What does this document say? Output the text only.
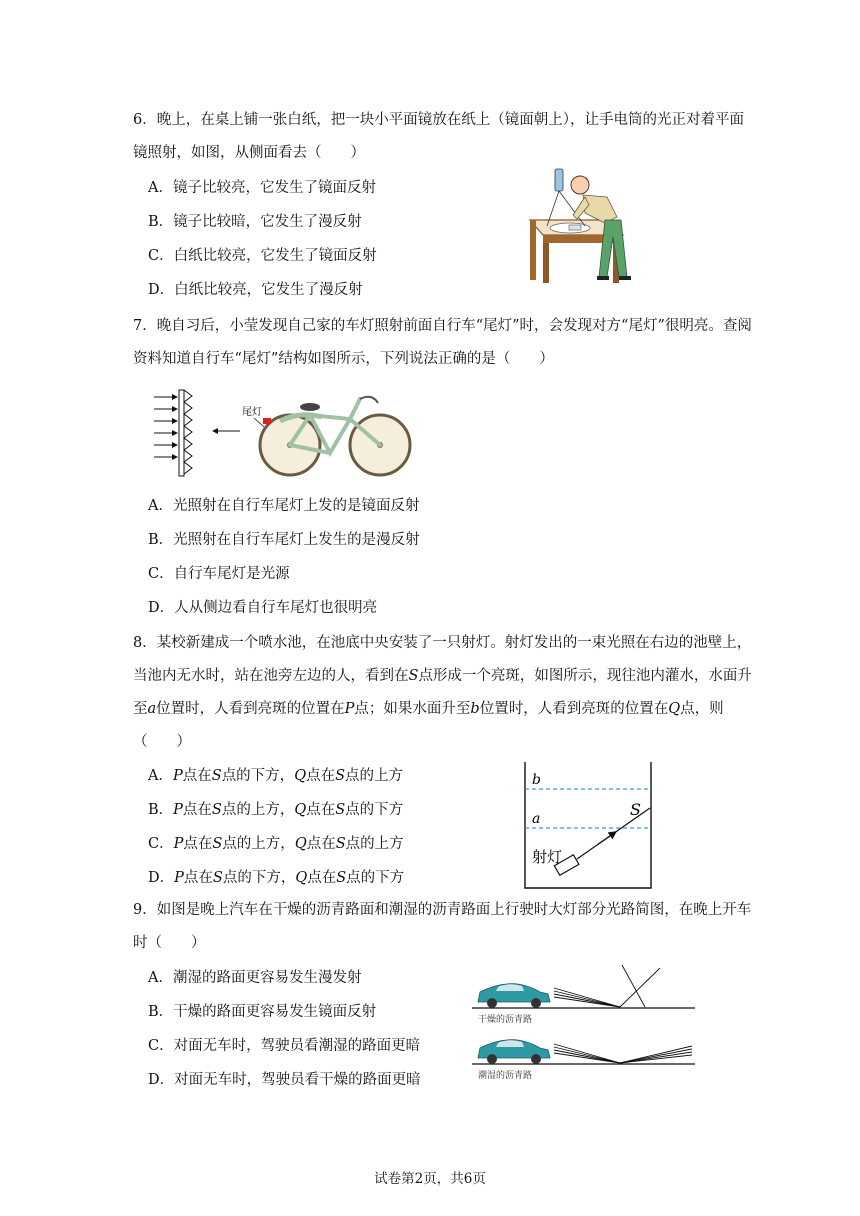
6．晚上，在桌上铺一张白纸，把一块小平面镜放在纸上（镜面朝上），让手电筒的光正对着平面镜照射，如图，从侧面看去（　　）
A．镜子比较亮，它发生了镜面反射
B．镜子比较暗，它发生了漫反射
C．白纸比较亮，它发生了镜面反射
D．白纸比较亮，它发生了漫反射
7．晚自习后，小莹发现自己家的车灯照射前面自行车“尾灯”时，会发现对方“尾灯”很明亮。查阅资料知道自行车“尾灯”结构如图所示，下列说法正确的是（　　）
尾灯
A．光照射在自行车尾灯上发的是镜面反射
B．光照射在自行车尾灯上发生的是漫反射
C．自行车尾灯是光源
D．人从侧边看自行车尾灯也很明亮
8．某校新建成一个喷水池，在池底中央安装了一只射灯。射灯发出的一束光照在右边的池壁上，当池内无水时，站在池旁左边的人，看到在S点形成一个亮斑，如图所示，现往池内灌水，水面升至a位置时，人看到亮斑的位置在P点；如果水面升至b位置时，人看到亮斑的位置在Q点，则 （　　）
A．P点在S点的下方，Q点在S点的上方
B．P点在S点的上方，Q点在S点的下方
C．P点在S点的上方，Q点在S点的上方
D．P点在S点的下方，Q点在S点的下方
b
a	S
射灯
9．如图是晚上汽车在干燥的沥青路面和潮湿的沥青路面上行驶时大灯部分光路简图，在晚上开车时（　　）
A．潮湿的路面更容易发生漫发射
B．干燥的路面更容易发生镜面反射
C．对面无车时，驾驶员看潮湿的路面更暗
D．对面无车时，驾驶员看干燥的路面更暗
干燥的沥青路
潮湿的沥青路
试卷第2页，共6页
